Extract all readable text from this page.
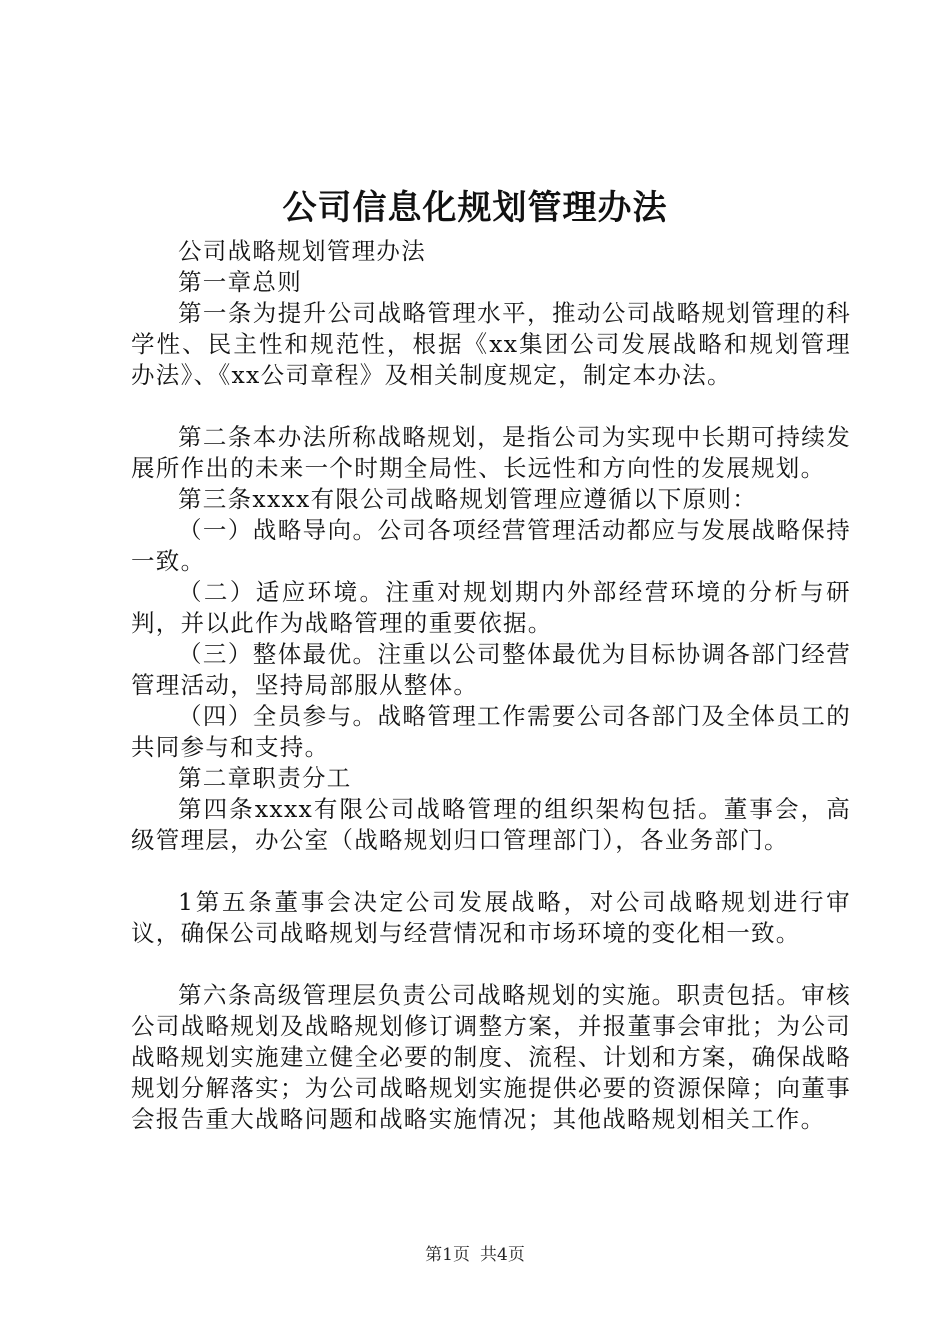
公司信息化规划管理办法

公司战略规划管理办法

第一章总则

第一条为提升公司战略管理水平，推动公司战略规划管理的科学性、民主性和规范性，根据《xx集团公司发展战略和规划管理办法》、《xx公司章程》及相关制度规定，制定本办法。

第二条本办法所称战略规划，是指公司为实现中长期可持续发展所作出的未来一个时期全局性、长远性和方向性的发展规划。

第三条xxxx有限公司战略规划管理应遵循以下原则：

（一）战略导向。公司各项经营管理活动都应与发展战略保持一致。

（二）适应环境。注重对规划期内外部经营环境的分析与研判，并以此作为战略管理的重要依据。

（三）整体最优。注重以公司整体最优为目标协调各部门经营管理活动，坚持局部服从整体。

（四）全员参与。战略管理工作需要公司各部门及全体员工的共同参与和支持。

第二章职责分工

第四条xxxx有限公司战略管理的组织架构包括。董事会，高级管理层，办公室（战略规划归口管理部门），各业务部门。

1第五条董事会决定公司发展战略，对公司战略规划进行审议，确保公司战略规划与经营情况和市场环境的变化相一致。

第六条高级管理层负责公司战略规划的实施。职责包括。审核公司战略规划及战略规划修订调整方案，并报董事会审批；为公司战略规划实施建立健全必要的制度、流程、计划和方案，确保战略规划分解落实；为公司战略规划实施提供必要的资源保障；向董事会报告重大战略问题和战略实施情况；其他战略规划相关工作。

第1页 共4页
